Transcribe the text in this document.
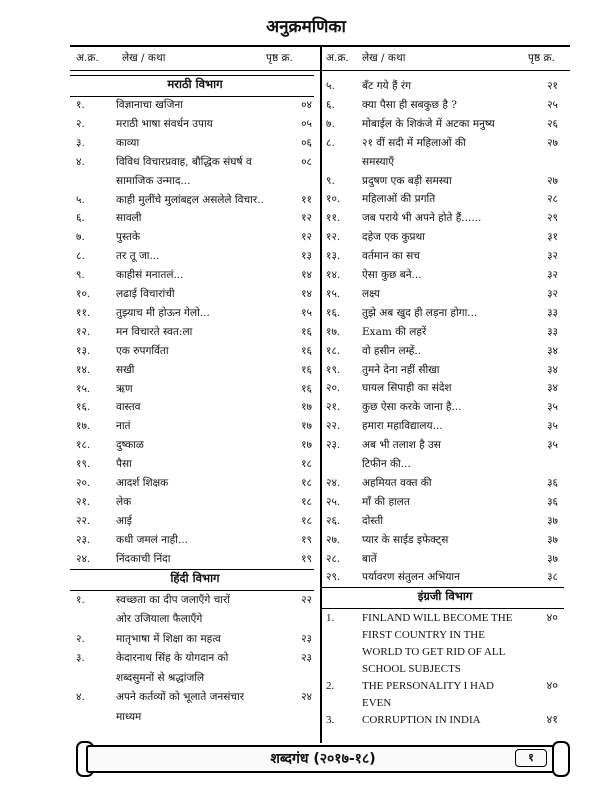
अनुक्रमणिका
अ.क्र. लेख / कथा	पृष्ठ क्र.	अ.क्र. लेख / कथा	पृष्ठ क्र.
मराठी विभाग
१.	विज्ञानाचा खजिना	०४
२.	मराठी भाषा संवर्धन उपाय	०५
३.	काव्या	०६
४.	विविध विचारप्रवाह, बौद्धिक संघर्ष व	०८
सामाजिक उन्माद...
५.	काही मुलींचे मुलांबद्दल असलेले विचार..	११
६.	सावली	१२
७.	पुस्तके	१२
८.	तर तू जा...	१३
९.	काहीसं मनातलं...	१४
१०. लढाई विचारांची	१४
११. तुझ्याच मी होऊन गेलो...	१५
१२. मन विचारते स्वत:ला	१६
१३. एक रुपगर्विता	१६
१४. सखी	१६
१५. ऋण	१६
१६. वास्तव	१७
१७. नातं	१७
१८. दुष्काळ	१७
१९. पैसा	१८
२०. आदर्श शिक्षक	१८
२१. लेक	१८
२२. आई	१८
२३. कधी जमलं नाही...	१९
२४. निंदकाची निंदा	१९
हिंदी विभाग
१.	स्वच्छता का दीप जलाएँगे चारों	२२
ओर उजियाला फैलाएँगे
२.	मातृभाषा में शिक्षा का महत्व	२३
३.	केदारनाथ सिंह के योगदान को	२३
शब्दसुमनों से श्रद्धांजलि
४.	अपने कर्तव्यों को भूलाते जनसंचार	२४
माध्यम
५.	बँट गये हैं रंग	२१
६.	क्या पैसा ही सबकुछ है ?	२५
७.	मोबाईल के शिकंजे में अटका मनुष्य	२६
८.	२१ वीं सदी में महिलाओं की	२७
समस्याएँ
९.	प्रदुषण एक बड़ी समस्या	२७
१०. महिलाओं की प्रगति	२८
११. जब पराये भी अपने होते हैं......	२९
१२. दहेज एक कुप्रथा	३१
१३. वर्तमान का सच	३२
१४. ऐसा कुछ बने...	३२
१५. लक्ष्य	३२
१६. तुझे अब खुद ही लड़ना होगा...	३३
१७. Exam की लहरें	३३
१८. वो हसीन लम्हें..	३४
१९. तुमने देना नहीं सीखा	३४
२०. घायल सिपाही का संदेश	३४
२१. कुछ ऐसा करके जाना है...	३५
२२. हमारा महाविद्यालय...	३५
२३. अब भी तलाश है उस	३५
टिफीन की...
२४. अहमियत वक्त की	३६
२५. माँ की हालत	३६
२६. दोस्ती	३७
२७. प्यार के साईड इफेक्ट्स	३७
२८. बातें	३७
२९. पर्यावरण संतुलन अभियान	३८
इंग्रजी विभाग
1.	FINLAND WILL BECOME THE	४०
FIRST COUNTRY IN THE
WORLD TO GET RID OF ALL
SCHOOL SUBJECTS
2.	THE PERSONALITY I HAD	४०
EVEN
3.	CORRUPTION IN INDIA	४१
शब्दगंध (२०१७-१८)	१
